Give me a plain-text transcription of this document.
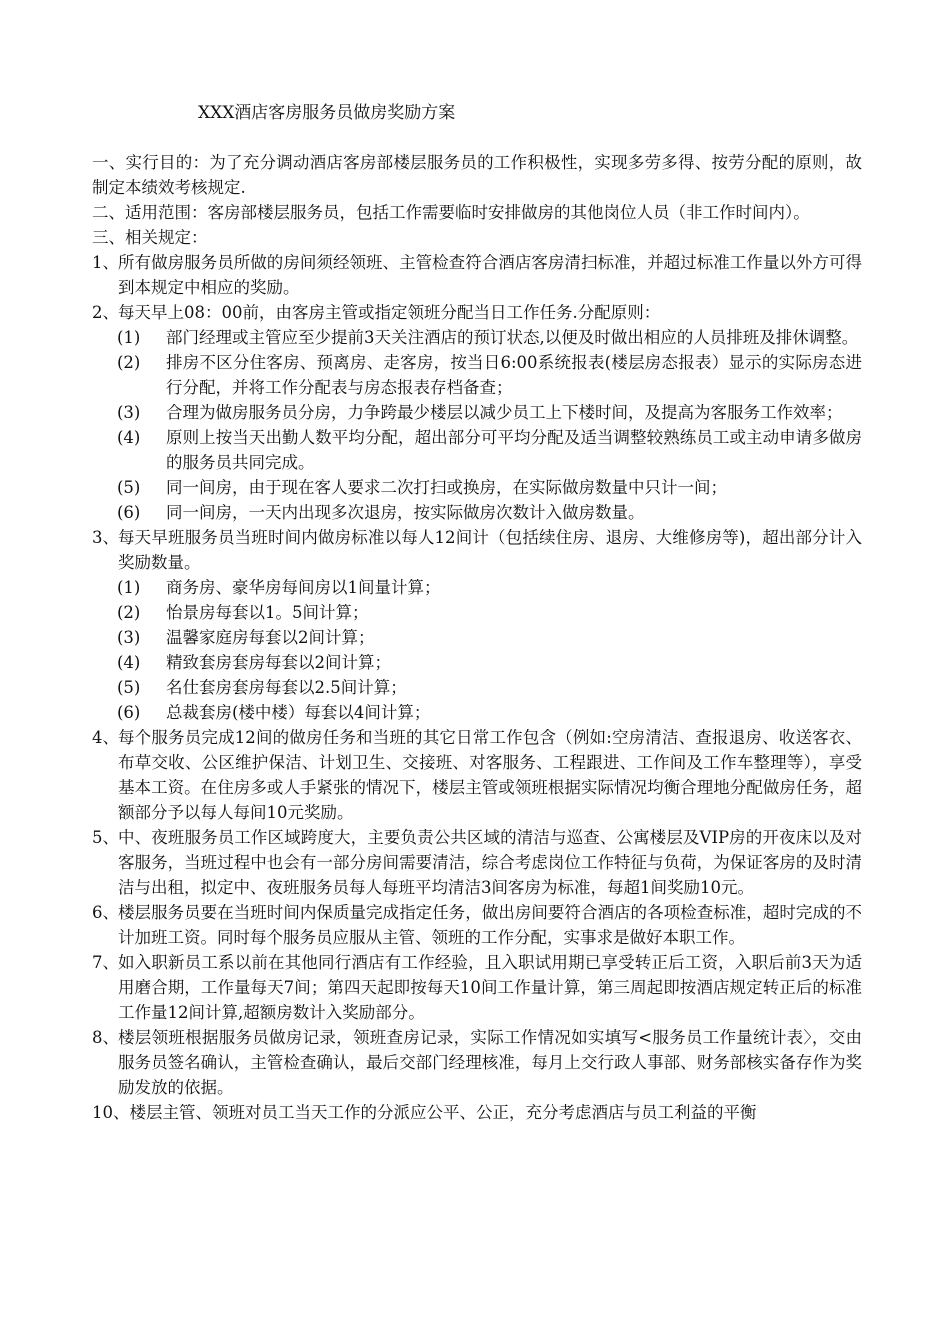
XXX酒店客房服务员做房奖励方案
一、实行目的：为了充分调动酒店客房部楼层服务员的工作积极性，实现多劳多得、按劳分配的原则，故制定本绩效考核规定.
二、适用范围：客房部楼层服务员，包括工作需要临时安排做房的其他岗位人员（非工作时间内）。
三、相关规定：
1、 所有做房服务员所做的房间须经领班、主管检查符合酒店客房清扫标准，并超过标准工作量以外方可得到本规定中相应的奖励。
2、 每天早上08：00前，由客房主管或指定领班分配当日工作任务.分配原则：
(1) 部门经理或主管应至少提前3天关注酒店的预订状态,以便及时做出相应的人员排班及排休调整。
(2) 排房不区分住客房、预离房、走客房，按当日6:00系统报表(楼层房态报表）显示的实际房态进行分配，并将工作分配表与房态报表存档备查；
(3) 合理为做房服务员分房，力争跨最少楼层以减少员工上下楼时间，及提高为客服务工作效率；
(4) 原则上按当天出勤人数平均分配，超出部分可平均分配及适当调整较熟练员工或主动申请多做房的服务员共同完成。
(5) 同一间房，由于现在客人要求二次打扫或换房，在实际做房数量中只计一间；
(6) 同一间房，一天内出现多次退房，按实际做房次数计入做房数量。
3、 每天早班服务员当班时间内做房标准以每人12间计（包括续住房、退房、大维修房等)，超出部分计入奖励数量。
(1) 商务房、豪华房每间房以1间量计算；
(2) 怡景房每套以1。5间计算；
(3) 温馨家庭房每套以2间计算；
(4) 精致套房套房每套以2间计算；
(5) 名仕套房套房每套以2.5间计算；
(6) 总裁套房(楼中楼）每套以4间计算；
4、 每个服务员完成12间的做房任务和当班的其它日常工作包含（例如:空房清洁、查报退房、收送客衣、布草交收、公区维护保洁、计划卫生、交接班、对客服务、工程跟进、工作间及工作车整理等），享受基本工资。在住房多或人手紧张的情况下，楼层主管或领班根据实际情况均衡合理地分配做房任务，超额部分予以每人每间10元奖励。
5、 中、夜班服务员工作区域跨度大，主要负责公共区域的清洁与巡查、公寓楼层及VIP房的开夜床以及对客服务，当班过程中也会有一部分房间需要清洁，综合考虑岗位工作特征与负荷，为保证客房的及时清洁与出租，拟定中、夜班服务员每人每班平均清洁3间客房为标准，每超1间奖励10元。
6、 楼层服务员要在当班时间内保质量完成指定任务，做出房间要符合酒店的各项检查标准，超时完成的不计加班工资。同时每个服务员应服从主管、领班的工作分配，实事求是做好本职工作。
7、 如入职新员工系以前在其他同行酒店有工作经验，且入职试用期已享受转正后工资，入职后前3天为适用磨合期，工作量每天7间；第四天起即按每天10间工作量计算，第三周起即按酒店规定转正后的标准工作量12间计算,超额房数计入奖励部分。
8、 楼层领班根据服务员做房记录，领班查房记录，实际工作情况如实填写<服务员工作量统计表〉，交由服务员签名确认，主管检查确认，最后交部门经理核准，每月上交行政人事部、财务部核实备存作为奖励发放的依据。
10、楼层主管、领班对员工当天工作的分派应公平、公正，充分考虑酒店与员工利益的平衡
